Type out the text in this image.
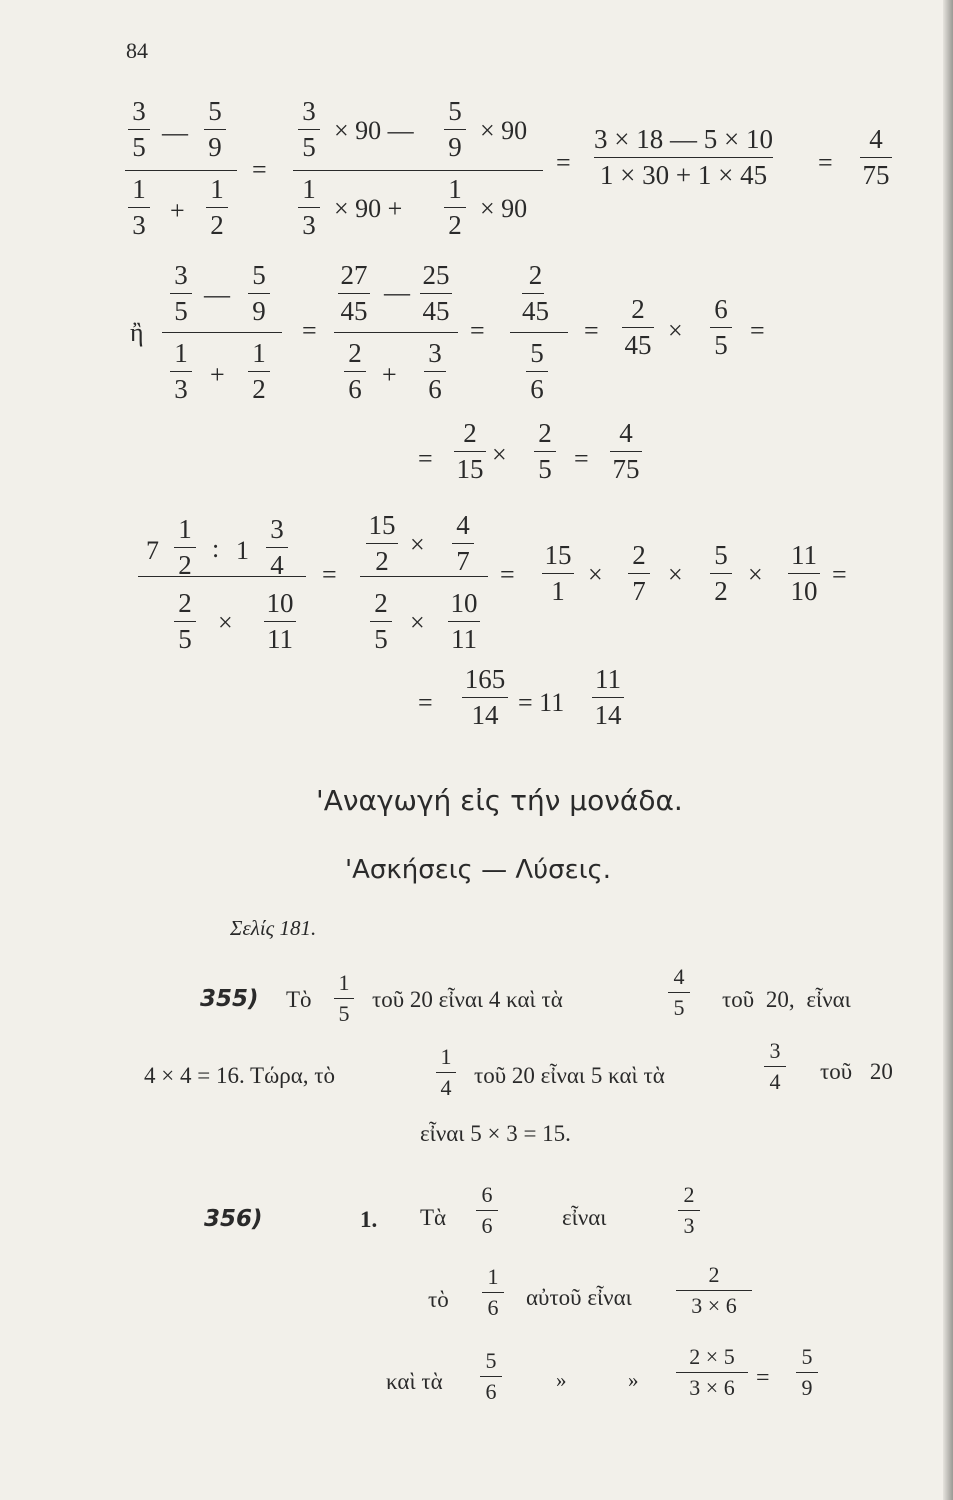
84
3
5 —
5
9
1
3 +
1
2
=
3
5
× 90 —
5
9
× 90
1
3
× 90 +
1
2
× 90
=
3 × 18 — 5 × 10
1 × 30 + 1 × 45 =
4
75
ἢ
3
5
—
5
9
1
3 +
1
2
=
27
45
—
25
45
2
6 +
3
6
=
2
45
5
6
=
2
45 ×
6
5 =
=
2
15 ×
2
5 =
4
75
7
1
2
: 1
3
4
2
5
×
10
11
=
15
2
×
4
7
2
5
×
10
11
=
15
1
×
2
7
×
5
2
×
11
10
=
=
165
14 = 11
11
14
'Αναγωγή εἰς τήν μονάδα.
'Ασκήσεις — Λύσεις.
Σελίς 181.
355) Τὸ
1
5
τοῦ 20 εἶναι 4 καὶ τὰ
4
5 τοῦ 20, εἶναι
4 × 4 = 16. Τώρα, τὸ
1
4 τοῦ 20 εἶναι 5 καὶ τὰ
3
4 τοῦ 20
εἶναι 5 × 3 = 15.
356)	1. Τὰ
6
6	εἶναι
2
3
τὸ
1
6 αὐτοῦ εἶναι
2
3 × 6
καὶ τὰ
5
6	»	»
2 × 5
3 × 6 =
5
9
